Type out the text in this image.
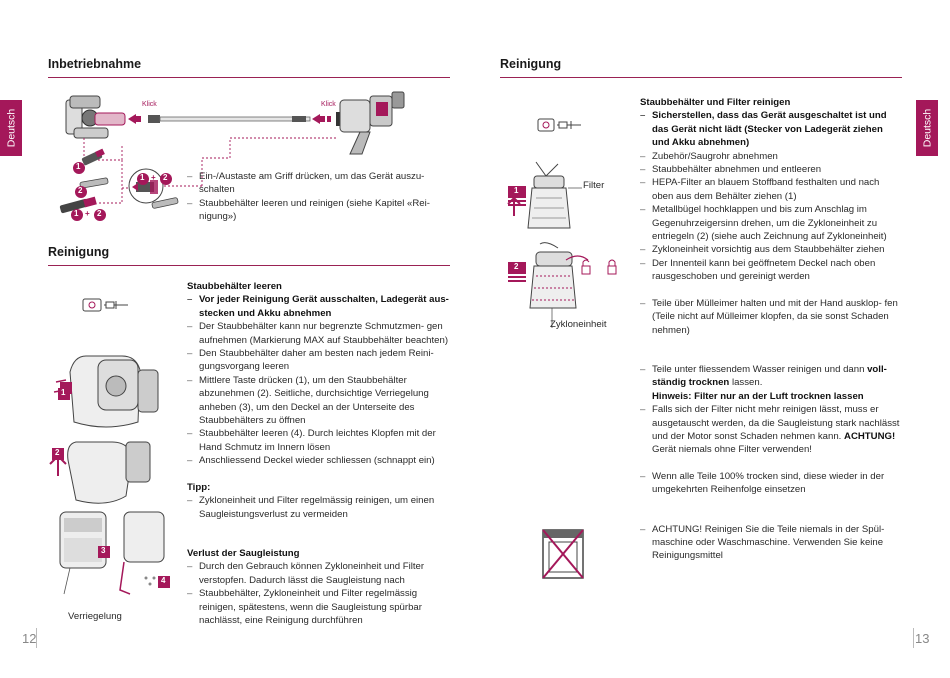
Inbetriebnahme
Deutsch
Klick	Klick
1
2
1 + 2
1 + 2
–	Ein-/Austaste am Griff drücken, um das Gerät auszu- schalten
– Staubbehälter leeren und reinigen (siehe Kapitel «Rei- nigung»)
Reinigung
1
2
3
4
Verriegelung
Staubbehälter leeren
– Vor jeder Reinigung Gerät ausschalten, Ladegerät aus- stecken und Akku abnehmen
– Der Staubbehälter kann nur begrenzte Schmutzmen- gen aufnehmen (Markierung MAX auf Staubbehälter beachten)
– Den Staubbehälter daher am besten nach jedem Reini- gungsvorgang leeren
– Mittlere Taste drücken (1), um den Staubbehälter abzunehmen (2). Seitliche, durchsichtige Verriegelung anheben (3), um den Deckel an der Unterseite des Staubbehälters zu öffnen
– Staubbehälter leeren (4). Durch leichtes Klopfen mit der Hand Schmutz im Innern lösen
– Anschliessend Deckel wieder schliessen (schnappt ein)
Tipp:
– Zykloneinheit und Filter regelmässig reinigen, um einen Saugleistungsverlust zu vermeiden
Verlust der Saugleistung
– Durch den Gebrauch können Zykloneinheit und Filter verstopfen. Dadurch lässt die Saugleistung nach
– Staubbehälter, Zykloneinheit und Filter regelmässig reinigen, spätestens, wenn die Saugleistung spürbar nachlässt, eine Reinigung durchführen
12
Reinigung
Deutsch
1	Filter
2
Zykloneinheit
Staubbehälter und Filter reinigen
– Sicherstellen, dass das Gerät ausgeschaltet ist und das Gerät nicht lädt (Stecker von Ladegerät ziehen und Akku abnehmen)
– Zubehör/Saugrohr abnehmen
– Staubbehälter abnehmen und entleeren
– HEPA-Filter an blauem Stoffband festhalten und nach oben aus dem Behälter ziehen (1)
– Metallbügel hochklappen und bis zum Anschlag im Gegenuhrzeigersinn drehen, um die Zykloneinheit zu entriegeln (2) (siehe auch Zeichnung auf Zykloneinheit)
– Zykloneinheit vorsichtig aus dem Staubbehälter ziehen
– Der Innenteil kann bei geöffnetem Deckel nach oben rausgeschoben und gereinigt werden
– Teile über Mülleimer halten und mit der Hand ausklop- fen (Teile nicht auf Mülleimer klopfen, da sie sonst Schaden nehmen)
– Teile unter fliessendem Wasser reinigen und dann voll- ständig trocknen lassen.
Hinweis: Filter nur an der Luft trocknen lassen
– Falls sich der Filter nicht mehr reinigen lässt, muss er ausgetauscht werden, da die Saugleistung stark nachlässt und der Motor sonst Schaden nehmen kann. ACHTUNG! Gerät niemals ohne Filter verwenden!
– Wenn alle Teile 100% trocken sind, diese wieder in der umgekehrten Reihenfolge einsetzen
– ACHTUNG! Reinigen Sie die Teile niemals in der Spül- maschine oder Waschmaschine. Verwenden Sie keine Reinigungsmittel
13
